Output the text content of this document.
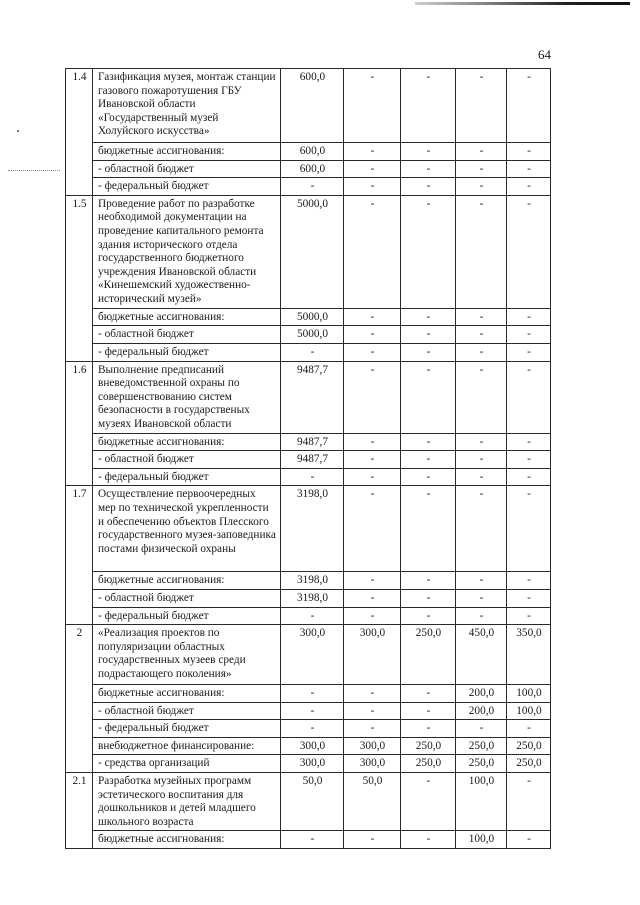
64
1.4	Газификация музея, монтаж станции газового пожаротушения ГБУ Ивановской области «Государственный музей Холуйского искусства»	600,0	-	-	-	-
	бюджетные ассигнования:	600,0	-	-	-	-
	- областной бюджет	600,0	-	-	-	-
	- федеральный бюджет	-	-	-	-	-
1.5	Проведение работ по разработке необходимой документации на проведение капитального ремонта здания исторического отдела государственного бюджетного учреждения Ивановской области «Кинешемский художественно-исторический музей»	5000,0	-	-	-	-
	бюджетные ассигнования:	5000,0	-	-	-	-
	- областной бюджет	5000,0	-	-	-	-
	- федеральный бюджет	-	-	-	-	-
1.6	Выполнение предписаний вневедомственной охраны по совершенствованию систем безопасности в государственых музеях Ивановской области	9487,7	-	-	-	-
	бюджетные ассигнования:	9487,7	-	-	-	-
	- областной бюджет	9487,7	-	-	-	-
	- федеральный бюджет	-	-	-	-	-
1.7	Осуществление первоочередных мер по технической укрепленности и обеспечению объектов Плесского государственного музея-заповедника постами физической охраны	3198,0	-	-	-	-
	бюджетные ассигнования:	3198,0	-	-	-	-
	- областной бюджет	3198,0	-	-	-	-
	- федеральный бюджет	-	-	-	-	-
2	«Реализация проектов по популяризации областных государственных музеев среди подрастающего поколения»	300,0	300,0	250,0	450,0	350,0
	бюджетные ассигнования:	-	-	-	200,0	100,0
	- областной бюджет	-	-	-	200,0	100,0
	- федеральный бюджет	-	-	-	-	-
	внебюджетное финансирование:	300,0	300,0	250,0	250,0	250,0
	- средства организаций	300,0	300,0	250,0	250,0	250,0
2.1	Разработка музейных программ эстетического воспитания для дошкольников и детей младшего школьного возраста	50,0	50,0	-	100,0	-
	бюджетные ассигнования:	-	-	-	100,0	-
